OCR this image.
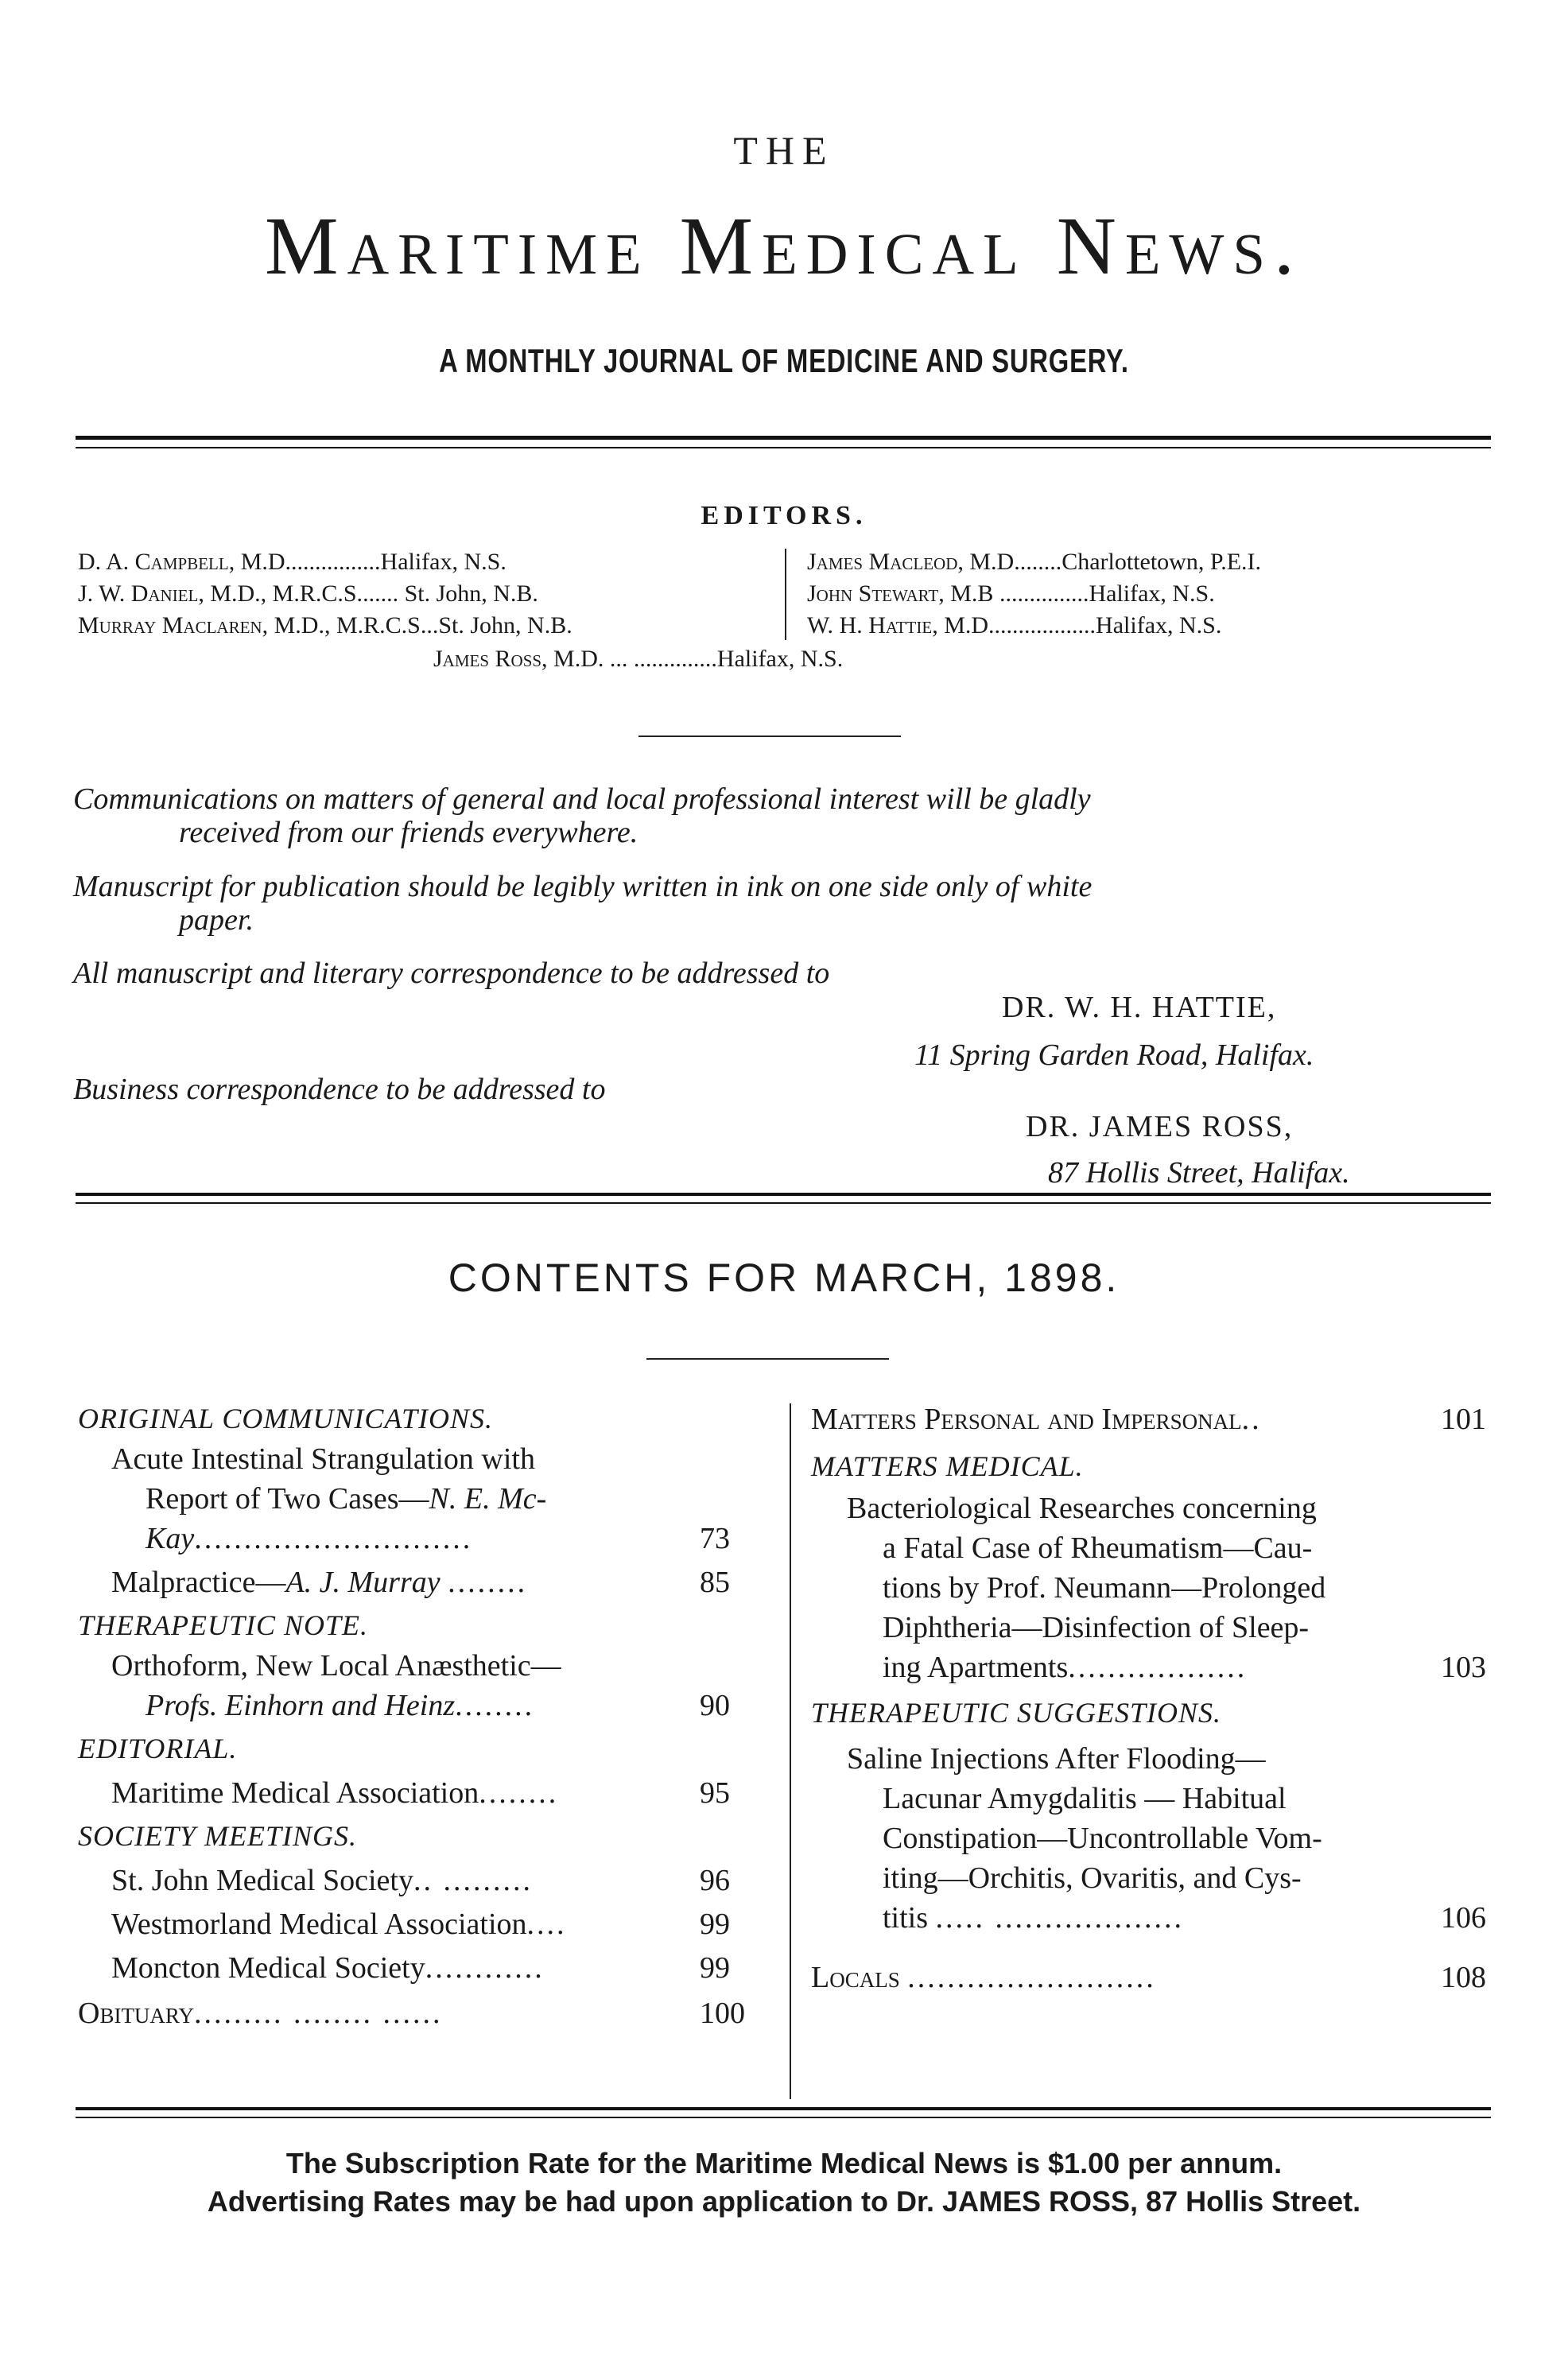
THE
Maritime Medical News.
A MONTHLY JOURNAL OF MEDICINE AND SURGERY.
EDITORS.
D. A. Campbell, M.D................Halifax, N.S.
J. W. Daniel, M.D., M.R.C.S....... St. John, N.B.
Murray Maclaren, M.D., M.R.C.S...St. John, N.B.
James Macleod, M.D........Charlottetown, P.E.I.
John Stewart, M.B ...............Halifax, N.S.
W. H. Hattie, M.D..................Halifax, N.S.
James Ross, M.D. ... ..............Halifax, N.S.
Communications on matters of general and local professional interest will be gladly
received from our friends everywhere.
Manuscript for publication should be legibly written in ink on one side only of white
paper.
All manuscript and literary correspondence to be addressed to
DR. W. H. HATTIE,
11 Spring Garden Road, Halifax.
Business correspondence to be addressed to
DR. JAMES ROSS,
87 Hollis Street, Halifax.
CONTENTS FOR MARCH, 1898.
ORIGINAL COMMUNICATIONS.
Acute Intestinal Strangulation with
Report of Two Cases—N. E. Mc-
Kay............................	73
Malpractice—A. J. Murray ........	85
THERAPEUTIC NOTE.
Orthoform, New Local Anæsthetic—
Profs. Einhorn and Heinz........	90
EDITORIAL.
Maritime Medical Association........	95
SOCIETY MEETINGS.
St. John Medical Society.. .........	96
Westmorland Medical Association....	99
Moncton Medical Society............	99
Obituary......... ........ ......	100
Matters Personal and Impersonal..	101
MATTERS MEDICAL.
Bacteriological Researches concerning
a Fatal Case of Rheumatism—Cau-
tions by Prof. Neumann—Prolonged
Diphtheria—Disinfection of Sleep-
ing Apartments..................	103
THERAPEUTIC SUGGESTIONS.
Saline Injections After Flooding—
Lacunar Amygdalitis — Habitual
Constipation—Uncontrollable Vom-
iting—Orchitis, Ovaritis, and Cys-
titis ..... ...................	106
Locals .........................	108
The Subscription Rate for the Maritime Medical News is $1.00 per annum.
Advertising Rates may be had upon application to Dr. JAMES ROSS, 87 Hollis Street.
